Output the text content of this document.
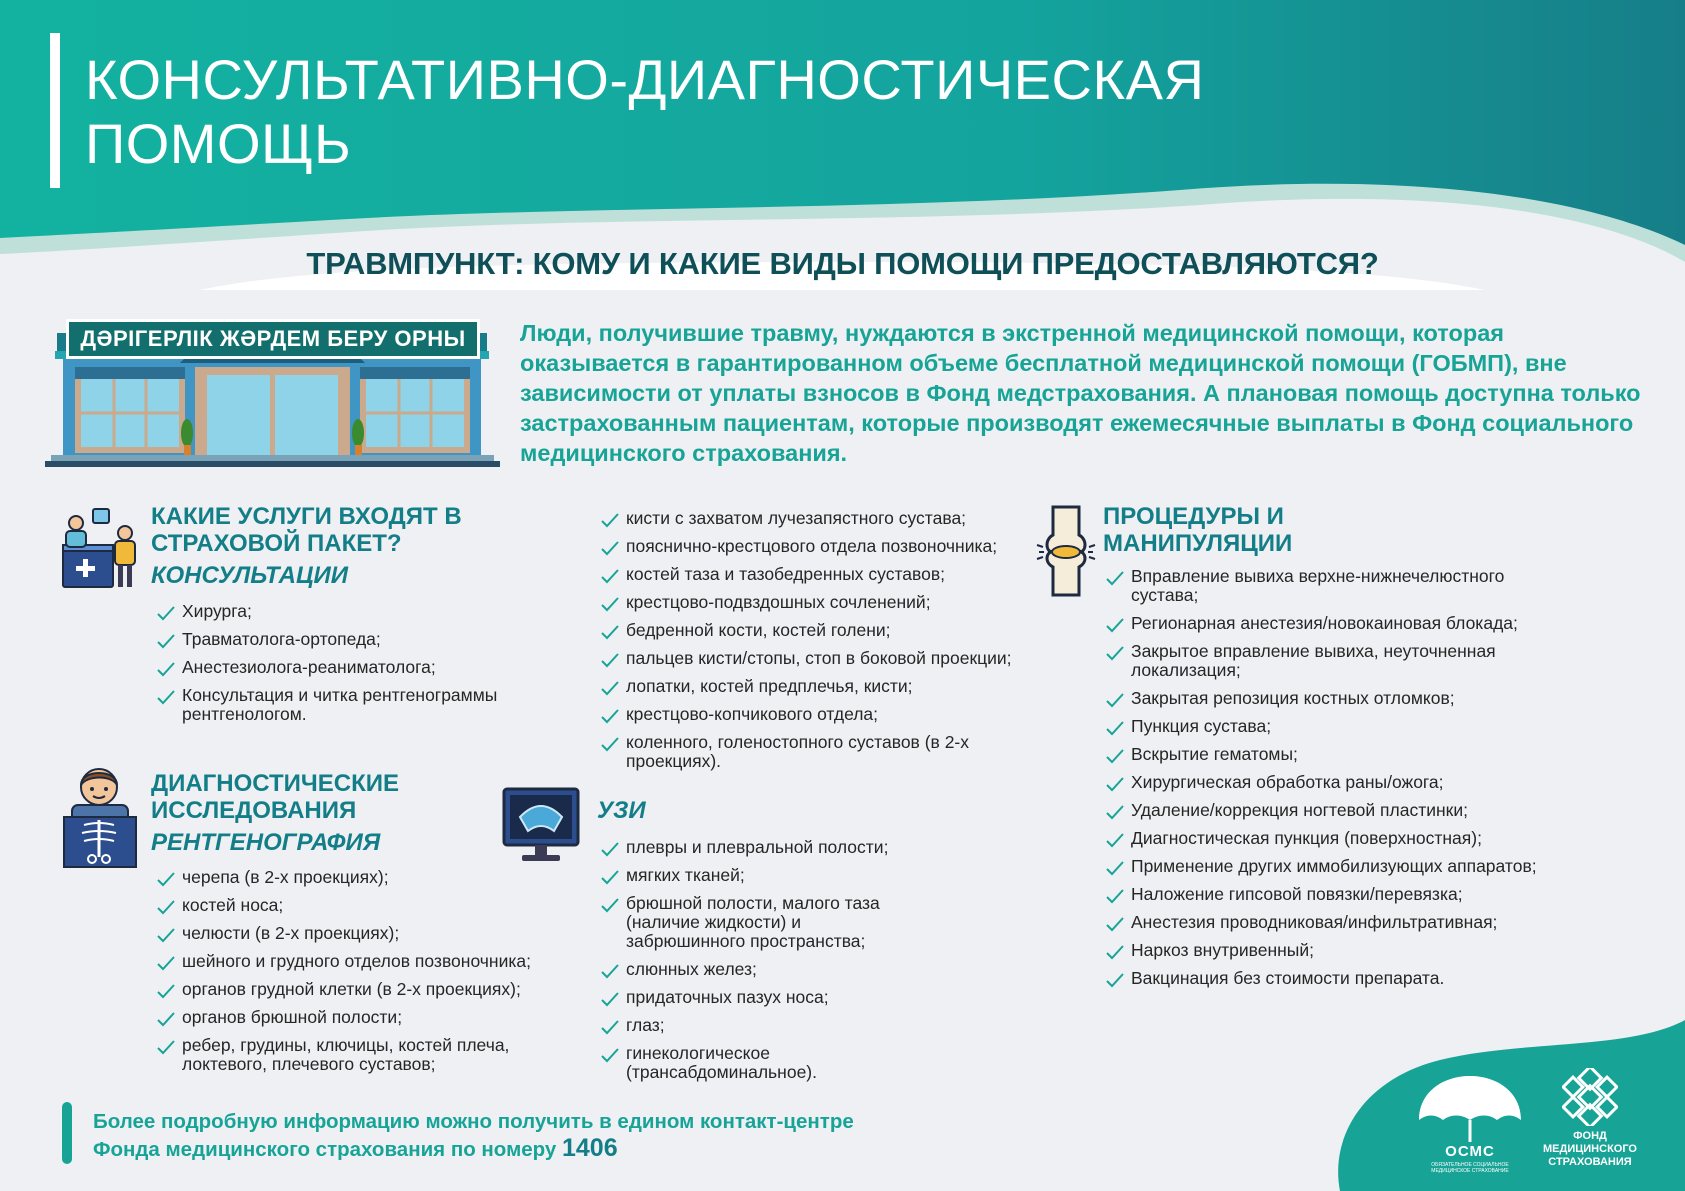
КОНСУЛЬТАТИВНО-ДИАГНОСТИЧЕСКАЯ
ПОМОЩЬ
ТРАВМПУНКТ: КОМУ И КАКИЕ ВИДЫ ПОМОЩИ ПРЕДОСТАВЛЯЮТСЯ?
ДӘРІГЕРЛІК ЖӘРДЕМ БЕРУ ОРНЫ	Люди, получившие травму, нуждаются в экстренной медицинской помощи, которая оказывается в гарантированном объеме бесплатной медицинской помощи (ГОБМП), вне зависимости от уплаты взносов в Фонд медстрахования. А плановая помощь доступна только застрахованным пациентам, которые производят ежемесячные выплаты в Фонд социального медицинского страхования.
КАКИЕ УСЛУГИ ВХОДЯТ В СТРАХОВОЙ ПАКЕТ?
КОНСУЛЬТАЦИИ
Хирурга;
Травматолога-ортопеда;
Анестезиолога-реаниматолога;
Консультация и читка рентгенограммы рентгенологом.
ДИАГНОСТИЧЕСКИЕ ИССЛЕДОВАНИЯ
РЕНТГЕНОГРАФИЯ
черепа (в 2-х проекциях);
костей носа;
челюсти (в 2-х проекциях);
шейного и грудного отделов позвоночника;
органов грудной клетки (в 2-х проекциях);
органов брюшной полости;
ребер, грудины, ключицы, костей плеча, локтевого, плечевого суставов;
кисти с захватом лучезапястного сустава;
пояснично-крестцового отдела позвоночника;
костей таза и тазобедренных суставов;
крестцово-подвздошных сочленений;
бедренной кости, костей голени;
пальцев кисти/стопы, стоп в боковой проекции;
лопатки, костей предплечья, кисти;
крестцово-копчикового отдела;
коленного, голеностопного суставов (в 2-х проекциях).
УЗИ
плевры и плевральной полости;
мягких тканей;
брюшной полости, малого таза (наличие жидкости) и забрюшинного пространства;
слюнных желез;
придаточных пазух носа;
глаз;
гинекологическое (трансабдоминальное).
ПРОЦЕДУРЫ И МАНИПУЛЯЦИИ
Вправление вывиха верхне-нижнечелюстного сустава;
Регионарная анестезия/новокаиновая блокада;
Закрытое вправление вывиха, неуточненная локализация;
Закрытая репозиция костных отломков;
Пункция сустава;
Вскрытие гематомы;
Хирургическая обработка раны/ожога;
Удаление/коррекция ногтевой пластинки;
Диагностическая пункция (поверхностная);
Применение других иммобилизующих аппаратов;
Наложение гипсовой повязки/перевязка;
Анестезия проводниковая/инфильтративная;
Наркоз внутривенный;
Вакцинация без стоимости препарата.
Более подробную информацию можно получить в едином контакт-центре
Фонда медицинского страхования по номеру 1406	ОСМС
ОБЯЗАТЕЛЬНОЕ СОЦИАЛЬНОЕ МЕДИЦИНСКОЕ СТРАХОВАНИЕ
ФОНД МЕДИЦИНСКОГО СТРАХОВАНИЯ
